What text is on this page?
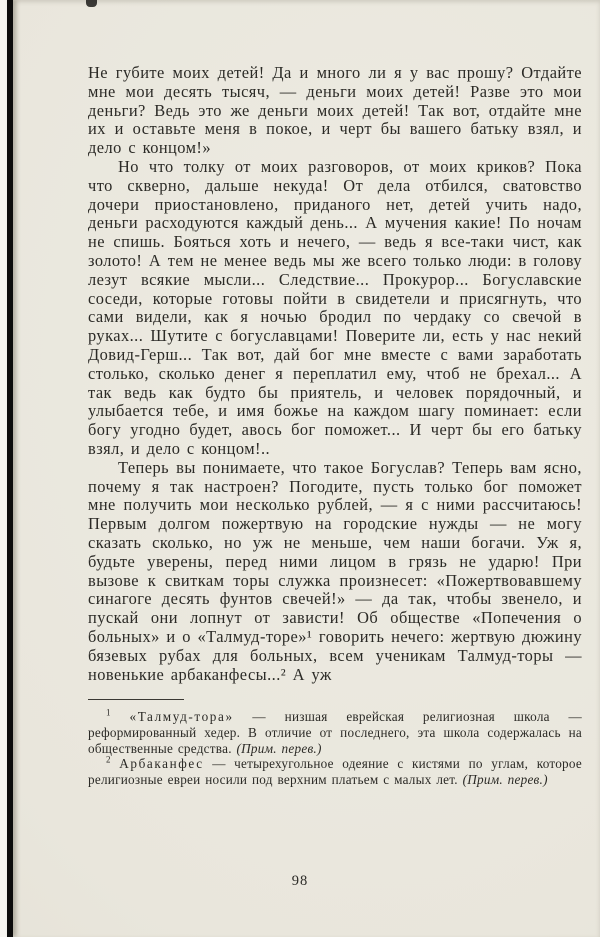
Не губите моих детей! Да и много ли я у вас прошу? Отдайте мне мои десять тысяч, — деньги моих детей! Разве это мои деньги? Ведь это же деньги моих детей! Так вот, отдайте мне их и оставьте меня в покое, и черт бы вашего батьку взял, и дело с концом!»

Но что толку от моих разговоров, от моих криков? Пока что скверно, дальше некуда! От дела отбился, сватовство дочери приостановлено, приданого нет, детей учить надо, деньги расходуются каждый день... А мучения какие! По ночам не спишь. Бояться хоть и нечего, — ведь я все-таки чист, как золото! А тем не менее ведь мы же всего только люди: в голову лезут всякие мысли... Следствие... Прокурор... Богуславские соседи, которые готовы пойти в свидетели и присягнуть, что сами видели, как я ночью бродил по чердаку со свечой в руках... Шутите с богуславцами! Поверите ли, есть у нас некий Довид-Герш... Так вот, дай бог мне вместе с вами заработать столько, сколько денег я переплатил ему, чтоб не брехал... А так ведь как будто бы приятель, и человек порядочный, и улыбается тебе, и имя божье на каждом шагу поминает: если богу угодно будет, авось бог поможет... И черт бы его батьку взял, и дело с концом!..

Теперь вы понимаете, что такое Богуслав? Теперь вам ясно, почему я так настроен? Погодите, пусть только бог поможет мне получить мои несколько рублей, — я с ними рассчитаюсь! Первым долгом пожертвую на городские нужды — не могу сказать сколько, но уж не меньше, чем наши богачи. Уж я, будьте уверены, перед ними лицом в грязь не ударю! При вызове к свиткам торы служка произнесет: «Пожертвовавшему синагоге десять фунтов свечей!» — да так, чтобы звенело, и пускай они лопнут от зависти! Об обществе «Попечения о больных» и о «Талмуд-торе»¹ говорить нечего: жертвую дюжину бязевых рубах для больных, всем ученикам Талмуд-торы — новенькие арбаканфесы...² А уж

$^1$ «Талмуд-тора» — низшая еврейская религиозная школа — реформированный хедер. В отличие от последнего, эта школа содержалась на общественные средства. (Прим. перев.)

$^2$ Арбаканфес — четырехугольное одеяние с кистями по углам, которое религиозные евреи носили под верхним платьем с малых лет. (Прим. перев.)

98
